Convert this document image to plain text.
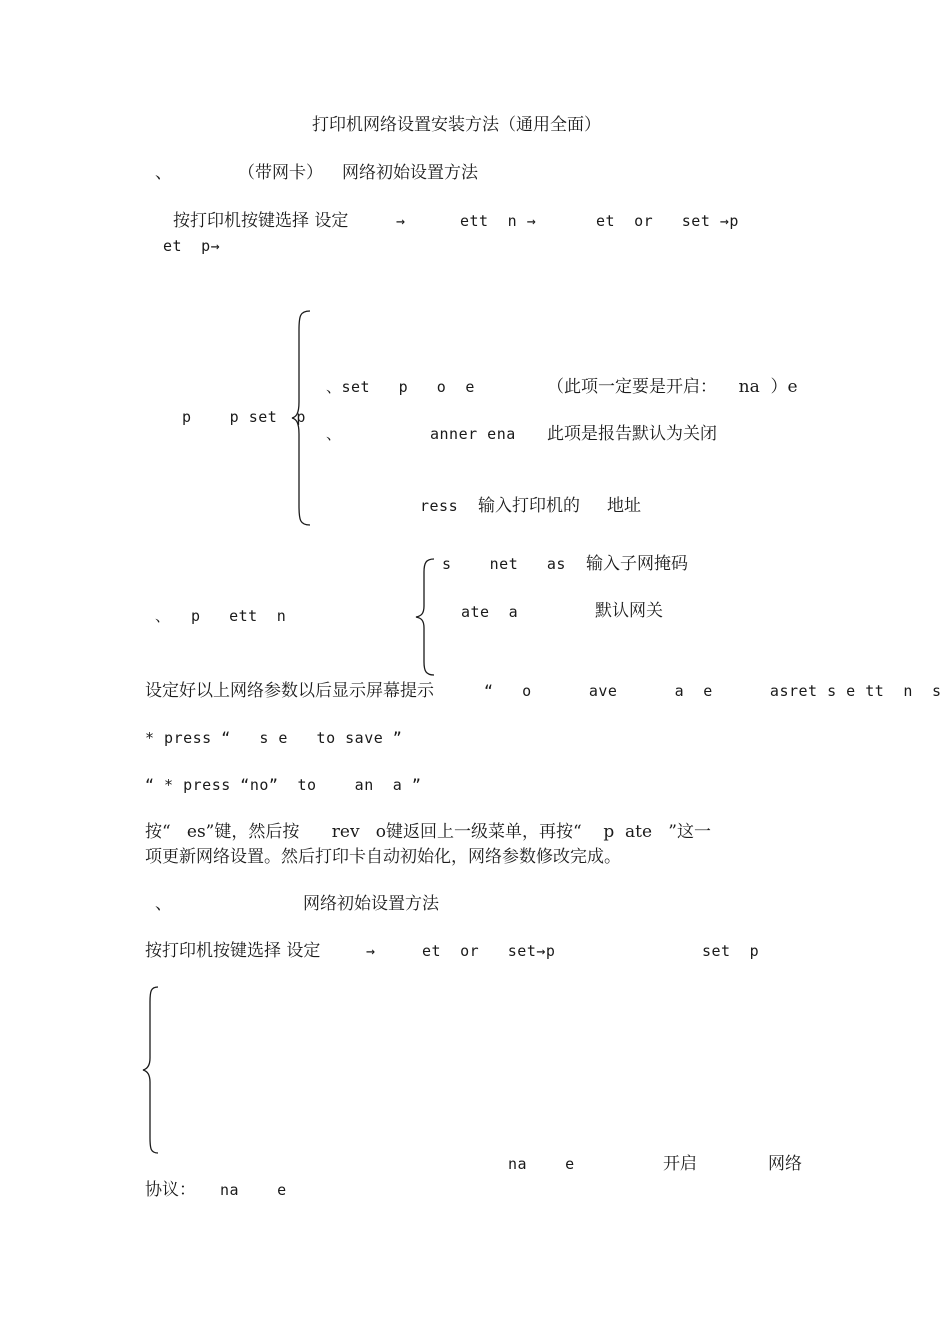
打印机网络设置安装方法（通用全面）
、	（带网卡） 网络初始设置方法
按打印机按键选择 设定	→	ett  n →	et  or   set →p
et  p→
p    p set  p
、set   p   o  e	（此项一定要是开启：    na  ）e
、	anner ena 此项是报告默认为关闭
ress 输入打印机的     地址
、 p   ett  n
s    net   as 输入子网掩码
ate  a	默认网关
设定好以上网络参数以后显示屏幕提示	“   o      ave      a  e      asret s e tt  n  s
* press “   s e   to save ”
“ * press “no”  to    an  a ”
按“   es”键，然后按      rev   o键返回上一级菜单，再按“    p  ate   ”这一
项更新网络设置。然后打印卡自动初始化，网络参数修改完成。
、	网络初始设置方法
按打印机按键选择 设定	→	et  or   set→p	set  p
na    e	开启	网络
协议： na    e
